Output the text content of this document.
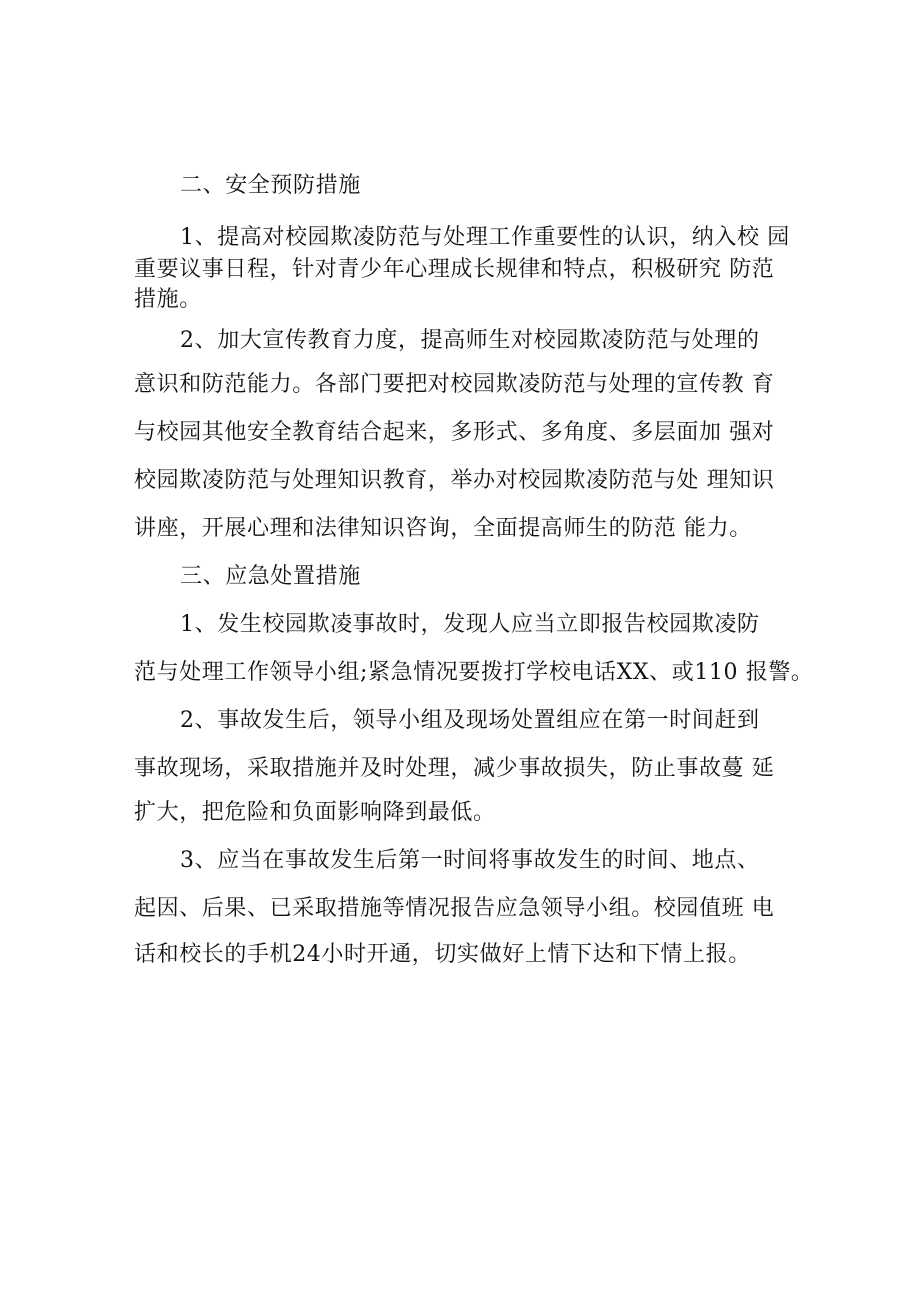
二、安全预防措施
1、提高对校园欺凌防范与处理工作重要性的认识，纳入校 园
重要议事日程，针对青少年心理成长规律和特点，积极研究 防范
措施。
2、加大宣传教育力度，提高师生对校园欺凌防范与处理的
意识和防范能力。各部门要把对校园欺凌防范与处理的宣传教 育
与校园其他安全教育结合起来，多形式、多角度、多层面加 强对
校园欺凌防范与处理知识教育，举办对校园欺凌防范与处 理知识
讲座，开展心理和法律知识咨询，全面提高师生的防范 能力。
三、应急处置措施
1、发生校园欺凌事故时，发现人应当立即报告校园欺凌防
范与处理工作领导小组;紧急情况要拨打学校电话XX、或110 报警。
2、事故发生后，领导小组及现场处置组应在第一时间赶到
事故现场，采取措施并及时处理，减少事故损失，防止事故蔓 延
扩大，把危险和负面影响降到最低。
3、应当在事故发生后第一时间将事故发生的时间、地点、
起因、后果、已采取措施等情况报告应急领导小组。校园值班 电
话和校长的手机24小时开通，切实做好上情下达和下情上报。
